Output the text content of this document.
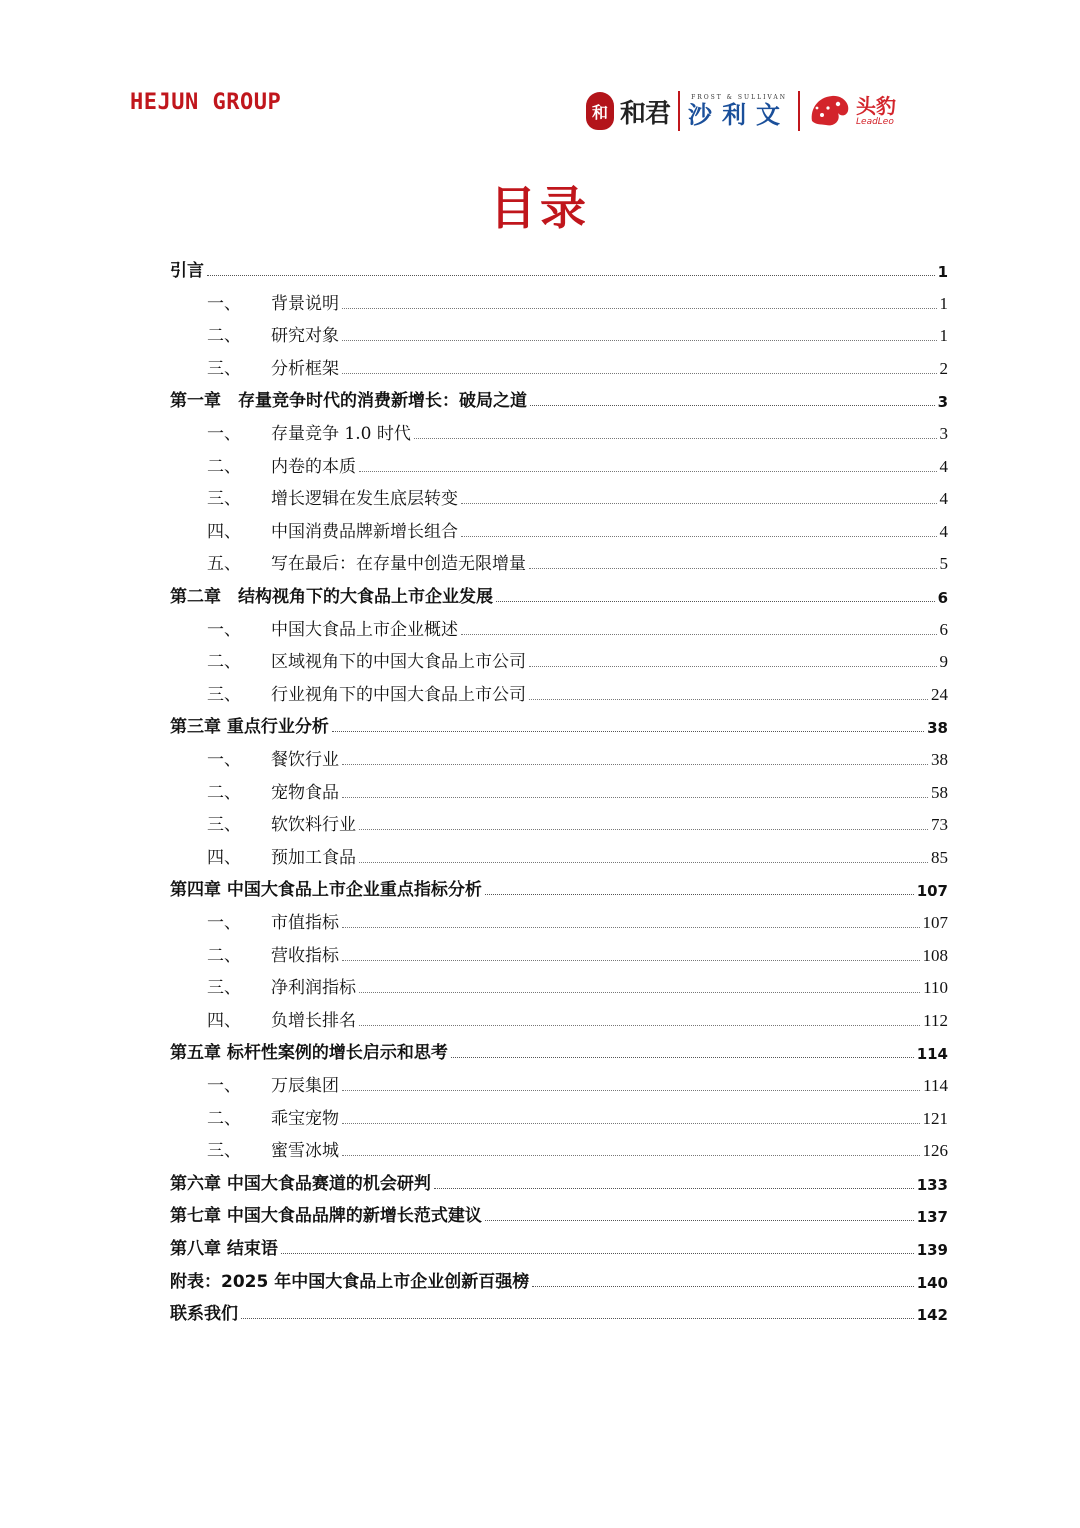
HEJUN GROUP	和 和君
FROST & SULLIVAN
沙利文	头豹
LeadLeo
目录
引言	1
一、	背景说明	1
二、	研究对象	1
三、	分析框架	2
第一章　存量竞争时代的消费新增长：破局之道	3
一、	存量竞争 1.0 时代	3
二、	内卷的本质	4
三、	增长逻辑在发生底层转变	4
四、	中国消费品牌新增长组合	4
五、	写在最后：在存量中创造无限增量	5
第二章　结构视角下的大食品上市企业发展	6
一、	中国大食品上市企业概述	6
二、	区域视角下的中国大食品上市公司	9
三、	行业视角下的中国大食品上市公司	24
第三章 重点行业分析	38
一、	餐饮行业	38
二、	宠物食品	58
三、	软饮料行业	73
四、	预加工食品	85
第四章 中国大食品上市企业重点指标分析	107
一、	市值指标	107
二、	营收指标	108
三、	净利润指标	110
四、	负增长排名	112
第五章 标杆性案例的增长启示和思考	114
一、	万辰集团	114
二、	乖宝宠物	121
三、	蜜雪冰城	126
第六章 中国大食品赛道的机会研判	133
第七章 中国大食品品牌的新增长范式建议	137
第八章 结束语	139
附表：2025 年中国大食品上市企业创新百强榜	140
联系我们	142
